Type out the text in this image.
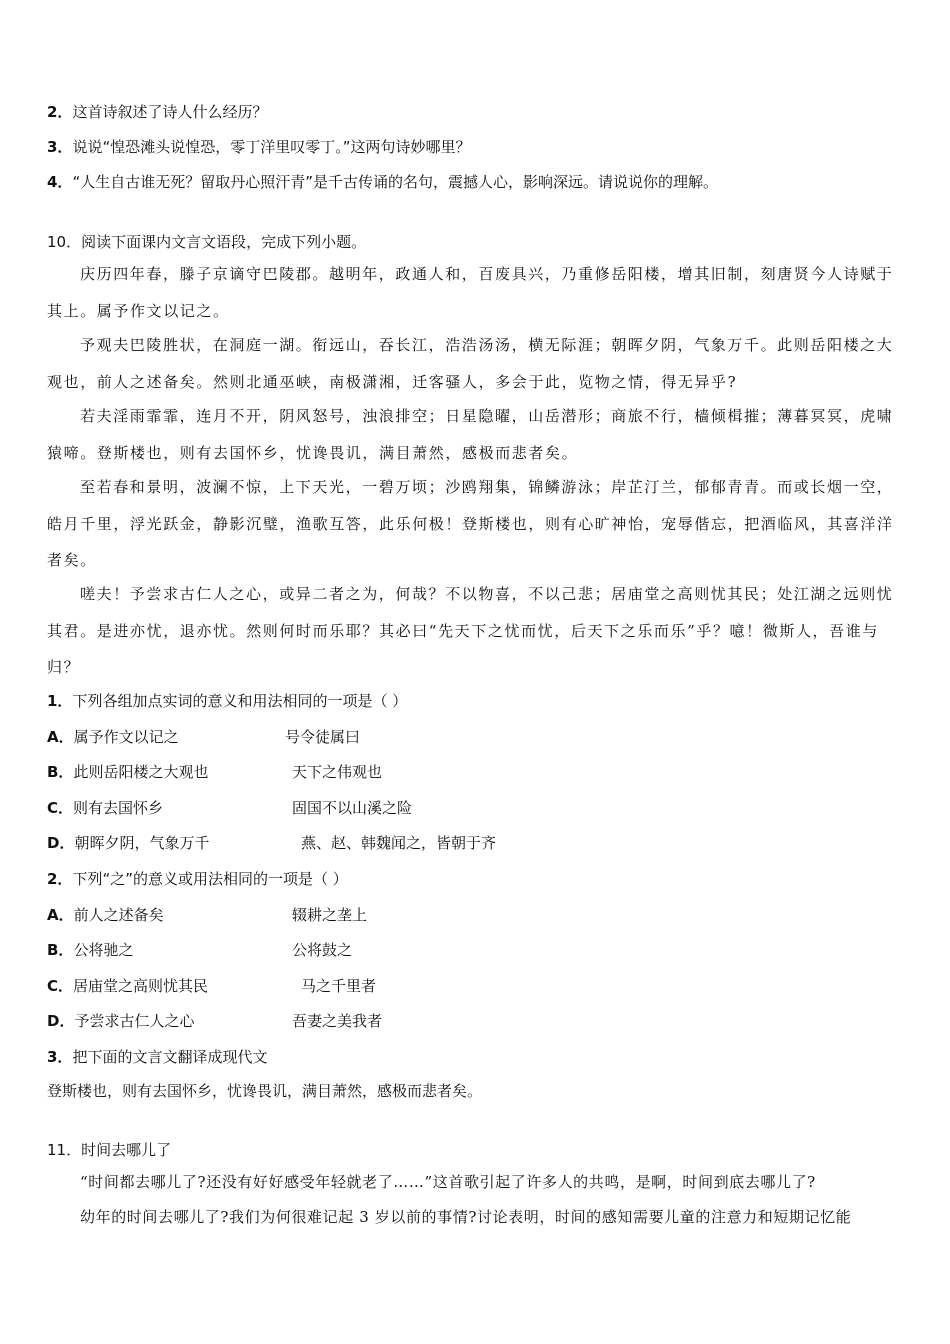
2．这首诗叙述了诗人什么经历？
3．说说“惶恐滩头说惶恐，零丁洋里叹零丁。”这两句诗妙哪里？
4．“人生自古谁无死？留取丹心照汗青”是千古传诵的名句，震撼人心，影响深远。请说说你的理解。
10．阅读下面课内文言文语段，完成下列小题。
庆历四年春，滕子京谪守巴陵郡。越明年，政通人和，百废具兴，乃重修岳阳楼，增其旧制，刻唐贤今人诗赋于
其上。属予作文以记之。
予观夫巴陵胜状，在洞庭一湖。衔远山，吞长江，浩浩汤汤，横无际涯；朝晖夕阴，气象万千。此则岳阳楼之大
观也，前人之述备矣。然则北通巫峡，南极潇湘，迁客骚人，多会于此，览物之情，得无异乎?
若夫淫雨霏霏，连月不开，阴风怒号，浊浪排空；日星隐曜，山岳潜形；商旅不行，樯倾楫摧；薄暮冥冥，虎啸
猿啼。登斯楼也，则有去国怀乡，忧谗畏讥，满目萧然，感极而悲者矣。
至若春和景明，波澜不惊，上下天光，一碧万顷；沙鸥翔集，锦鳞游泳；岸芷汀兰，郁郁青青。而或长烟一空，
皓月千里，浮光跃金，静影沉璧，渔歌互答，此乐何极！登斯楼也，则有心旷神怡，宠辱偕忘，把酒临风，其喜洋洋
者矣。
嗟夫！予尝求古仁人之心，或异二者之为，何哉？不以物喜，不以己悲；居庙堂之高则忧其民；处江湖之远则忧
其君。是进亦忧，退亦忧。然则何时而乐耶？其必曰“先天下之忧而忧，后天下之乐而乐”乎？噫！微斯人，吾谁与
归？
1．下列各组加点实词的意义和用法相同的一项是（ ）
A．属予作文以记之	号令徒属曰
B．此则岳阳楼之大观也	天下之伟观也
C．则有去国怀乡	固国不以山溪之险
D．朝晖夕阴，气象万千	燕、赵、韩魏闻之，皆朝于齐
2．下列“之”的意义或用法相同的一项是（ ）
A．前人之述备矣	辍耕之垄上
B．公将驰之	公将鼓之
C．居庙堂之高则忧其民	马之千里者
D．予尝求古仁人之心	吾妻之美我者
3．把下面的文言文翻译成现代文
登斯楼也，则有去国怀乡，忧谗畏讥，满目萧然，感极而悲者矣。
11．时间去哪儿了
“时间都去哪儿了?还没有好好感受年轻就老了……”这首歌引起了许多人的共鸣，是啊，时间到底去哪儿了?
幼年的时间去哪儿了?我们为何很难记起 3 岁以前的事情?讨论表明，时间的感知需要儿童的注意力和短期记忆能
